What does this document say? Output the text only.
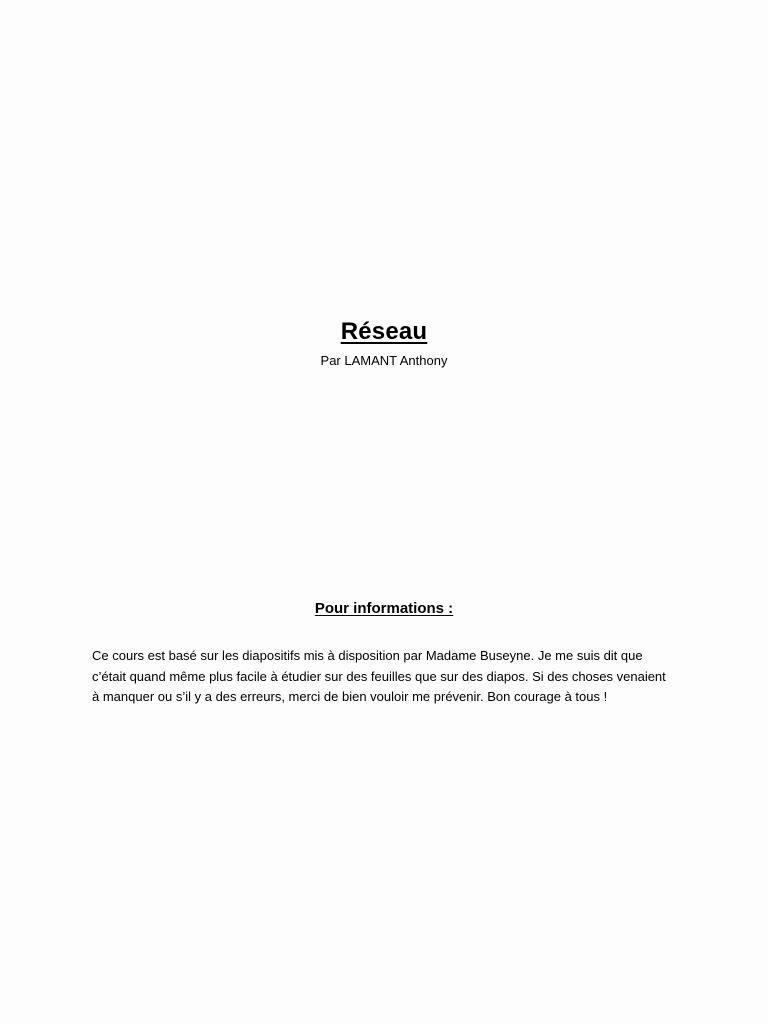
Réseau
Par LAMANT Anthony
Pour informations :

Ce cours est basé sur les diapositifs mis à disposition par Madame Buseyne. Je me suis dit que c’était quand même plus facile à étudier sur des feuilles que sur des diapos. Si des choses venaient à manquer ou s’il y a des erreurs, merci de bien vouloir me prévenir. Bon courage à tous !
